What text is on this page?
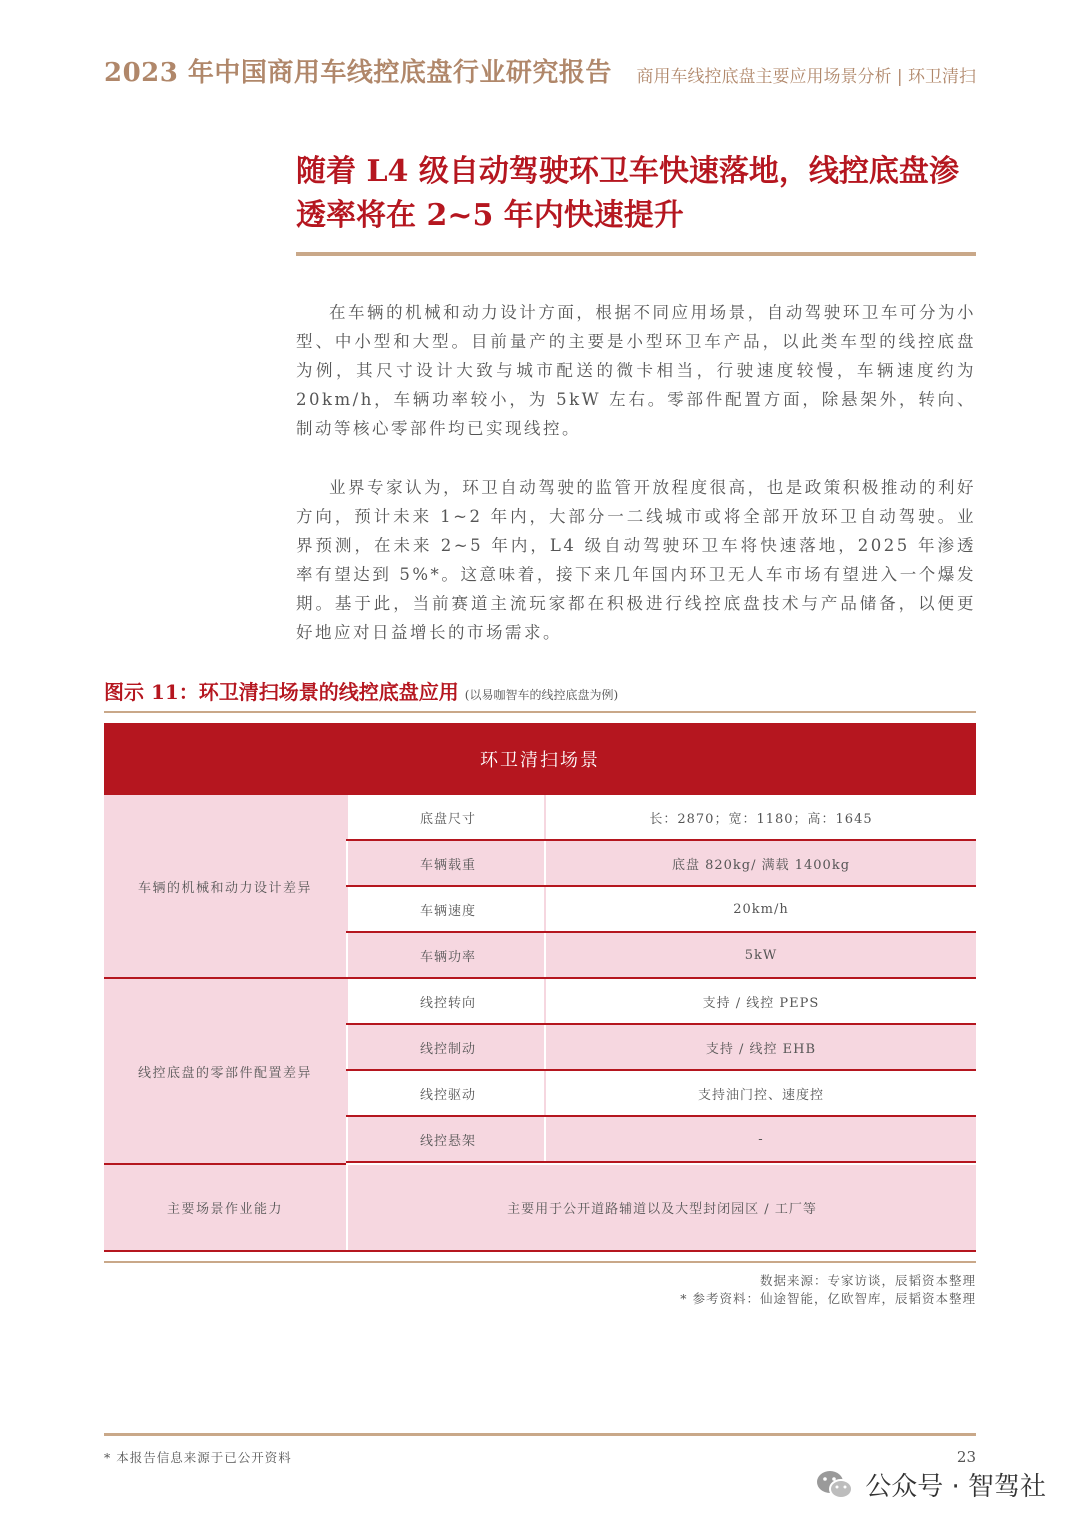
2023 年中国商用车线控底盘行业研究报告 商用车线控底盘主要应用场景分析 | 环卫清扫
随着 L4 级自动驾驶环卫车快速落地，线控底盘渗
透率将在 2~5 年内快速提升

在车辆的机械和动力设计方面，根据不同应用场景，自动驾驶环卫车可分为小型、中小型和大型。目前量产的主要是小型环卫车产品，以此类车型的线控底盘为例，其尺寸设计大致与城市配送的微卡相当，行驶速度较慢，车辆速度约为 20km/h，车辆功率较小，为 5kW 左右。零部件配置方面，除悬架外，转向、制动等核心零部件均已实现线控。

业界专家认为，环卫自动驾驶的监管开放程度很高，也是政策积极推动的利好方向，预计未来 1~2 年内，大部分一二线城市或将全部开放环卫自动驾驶。业界预测，在未来 2~5 年内，L4 级自动驾驶环卫车将快速落地，2025 年渗透率有望达到 5%*。这意味着，接下来几年国内环卫无人车市场有望进入一个爆发期。基于此，当前赛道主流玩家都在积极进行线控底盘技术与产品储备，以便更好地应对日益增长的市场需求。

图示 11：环卫清扫场景的线控底盘应用 (以易咖智车的线控底盘为例)
环卫清扫场景
车辆的机械和动力设计差异
底盘尺寸	长：2870；宽：1180；高：1645
车辆载重	底盘 820kg/ 满载 1400kg
车辆速度	20km/h
车辆功率	5kW
线控底盘的零部件配置差异
线控转向	支持 / 线控 PEPS
线控制动	支持 / 线控 EHB
线控驱动	支持油门控、速度控
线控悬架	-
主要场景作业能力	主要用于公开道路辅道以及大型封闭园区 / 工厂等
数据来源：专家访谈，辰韬资本整理
* 参考资料：仙途智能，亿欧智库，辰韬资本整理
* 本报告信息来源于已公开资料	23
公众号 · 智驾社
